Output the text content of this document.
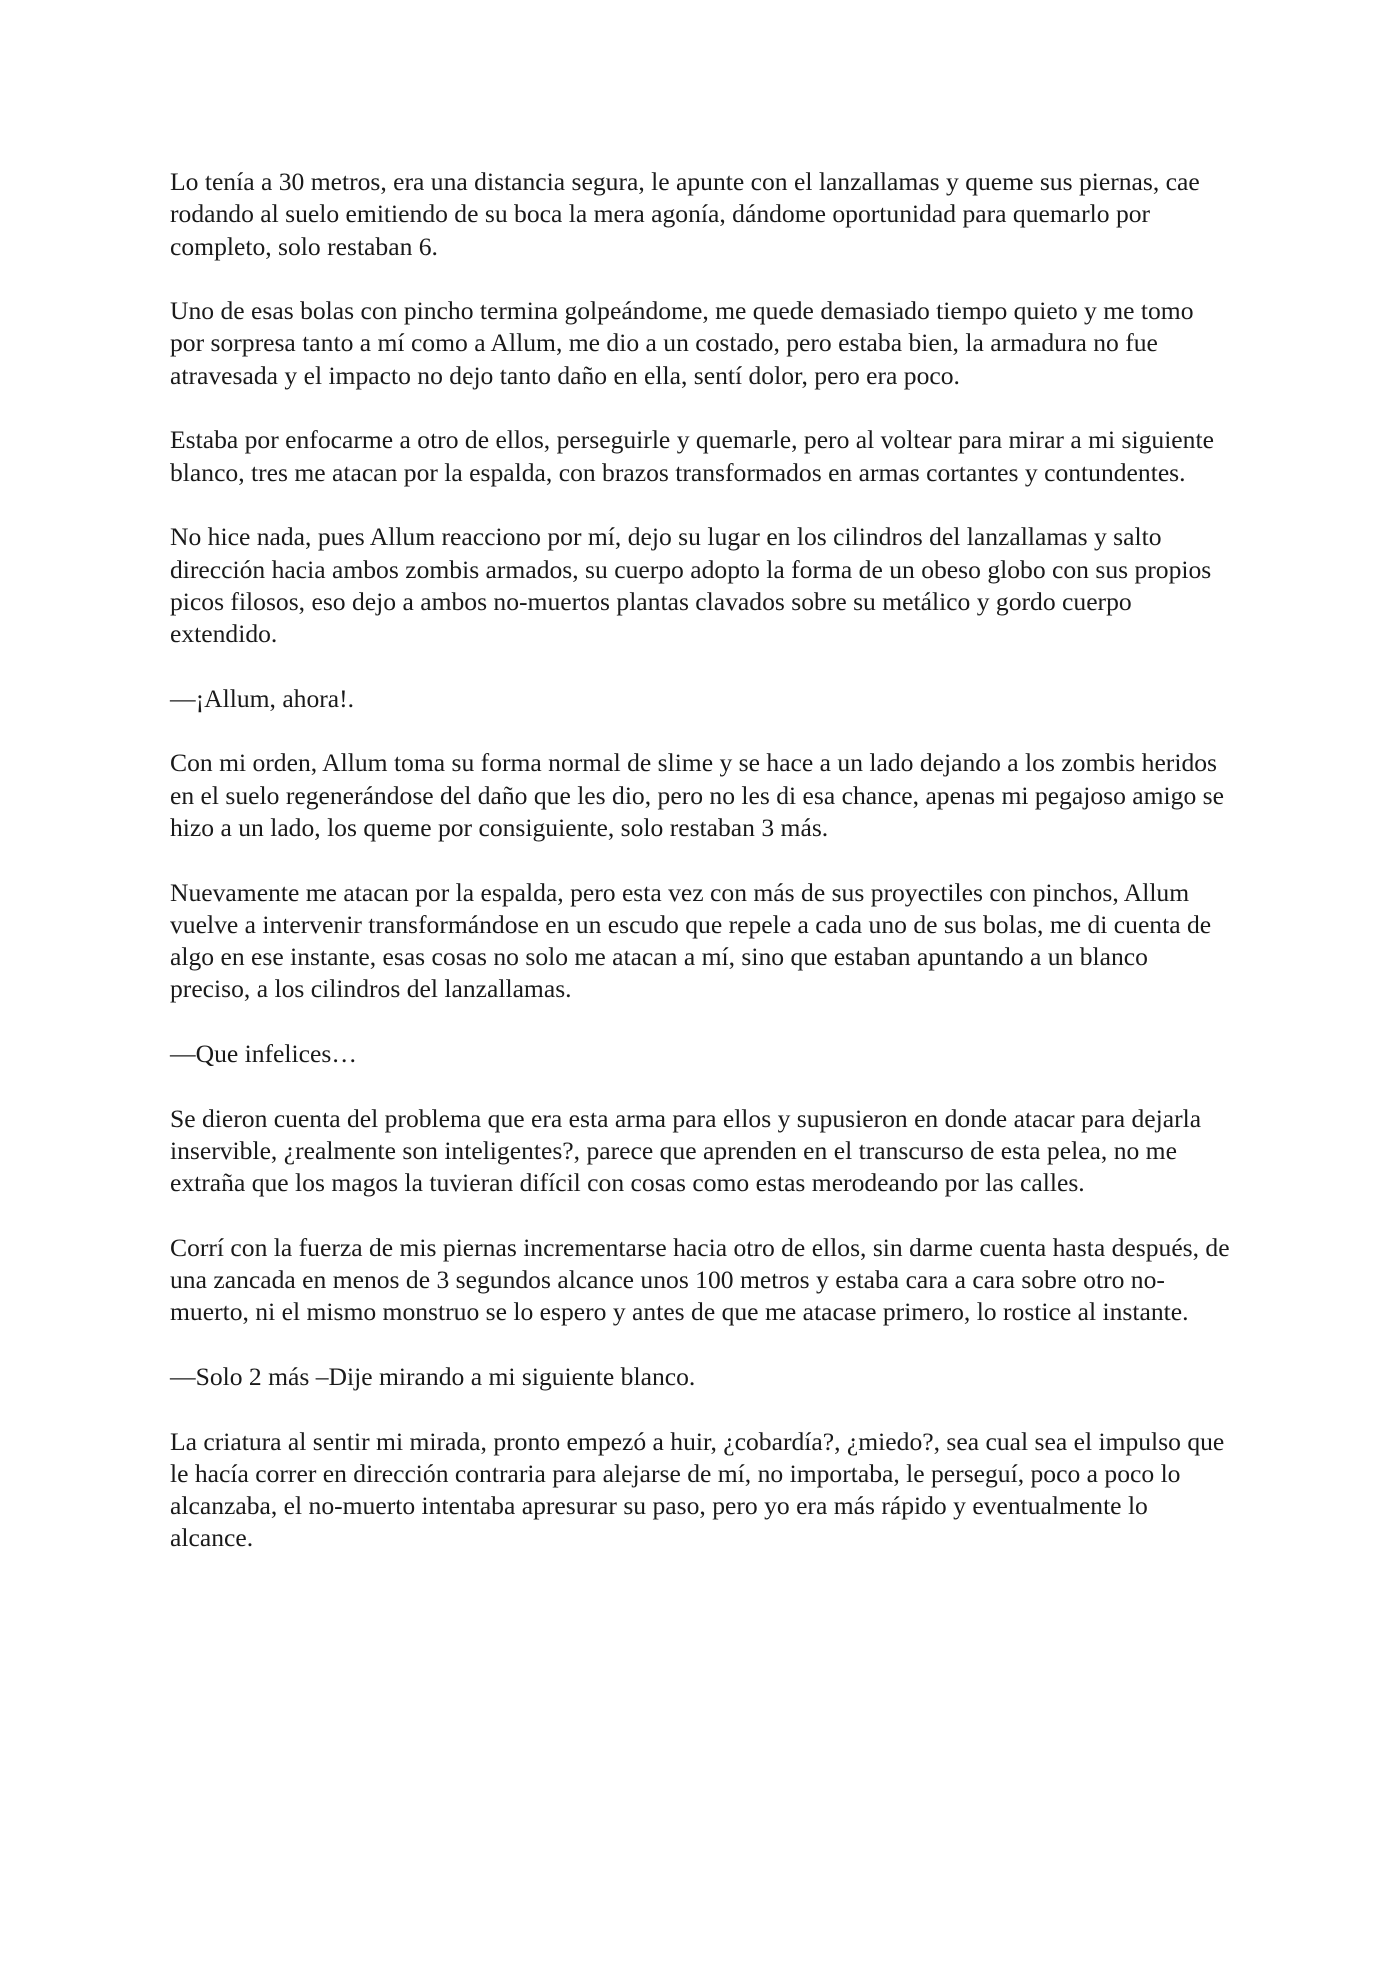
Lo tenía a 30 metros, era una distancia segura, le apunte con el lanzallamas y queme sus piernas, cae rodando al suelo emitiendo de su boca la mera agonía, dándome oportunidad para quemarlo por completo, solo restaban 6.

Uno de esas bolas con pincho termina golpeándome, me quede demasiado tiempo quieto y me tomo por sorpresa tanto a mí como a Allum, me dio a un costado, pero estaba bien, la armadura no fue atravesada y el impacto no dejo tanto daño en ella, sentí dolor, pero era poco.

Estaba por enfocarme a otro de ellos, perseguirle y quemarle, pero al voltear para mirar a mi siguiente blanco, tres me atacan por la espalda, con brazos transformados en armas cortantes y contundentes.

No hice nada, pues Allum reacciono por mí, dejo su lugar en los cilindros del lanzallamas y salto dirección hacia ambos zombis armados, su cuerpo adopto la forma de un obeso globo con sus propios picos filosos, eso dejo a ambos no-muertos plantas clavados sobre su metálico y gordo cuerpo extendido.

—¡Allum, ahora!.

Con mi orden, Allum toma su forma normal de slime y se hace a un lado dejando a los zombis heridos en el suelo regenerándose del daño que les dio, pero no les di esa chance, apenas mi pegajoso amigo se hizo a un lado, los queme por consiguiente, solo restaban 3 más.

Nuevamente me atacan por la espalda, pero esta vez con más de sus proyectiles con pinchos, Allum vuelve a intervenir transformándose en un escudo que repele a cada uno de sus bolas, me di cuenta de algo en ese instante, esas cosas no solo me atacan a mí, sino que estaban apuntando a un blanco preciso, a los cilindros del lanzallamas.

—Que infelices…

Se dieron cuenta del problema que era esta arma para ellos y supusieron en donde atacar para dejarla inservible, ¿realmente son inteligentes?, parece que aprenden en el transcurso de esta pelea, no me extraña que los magos la tuvieran difícil con cosas como estas merodeando por las calles.

Corrí con la fuerza de mis piernas incrementarse hacia otro de ellos, sin darme cuenta hasta después, de una zancada en menos de 3 segundos alcance unos 100 metros y estaba cara a cara sobre otro no-muerto, ni el mismo monstruo se lo espero y antes de que me atacase primero, lo rostice al instante.

—Solo 2 más –Dije mirando a mi siguiente blanco.

La criatura al sentir mi mirada, pronto empezó a huir, ¿cobardía?, ¿miedo?, sea cual sea el impulso que le hacía correr en dirección contraria para alejarse de mí, no importaba, le perseguí, poco a poco lo alcanzaba, el no-muerto intentaba apresurar su paso, pero yo era más rápido y eventualmente lo alcance.
